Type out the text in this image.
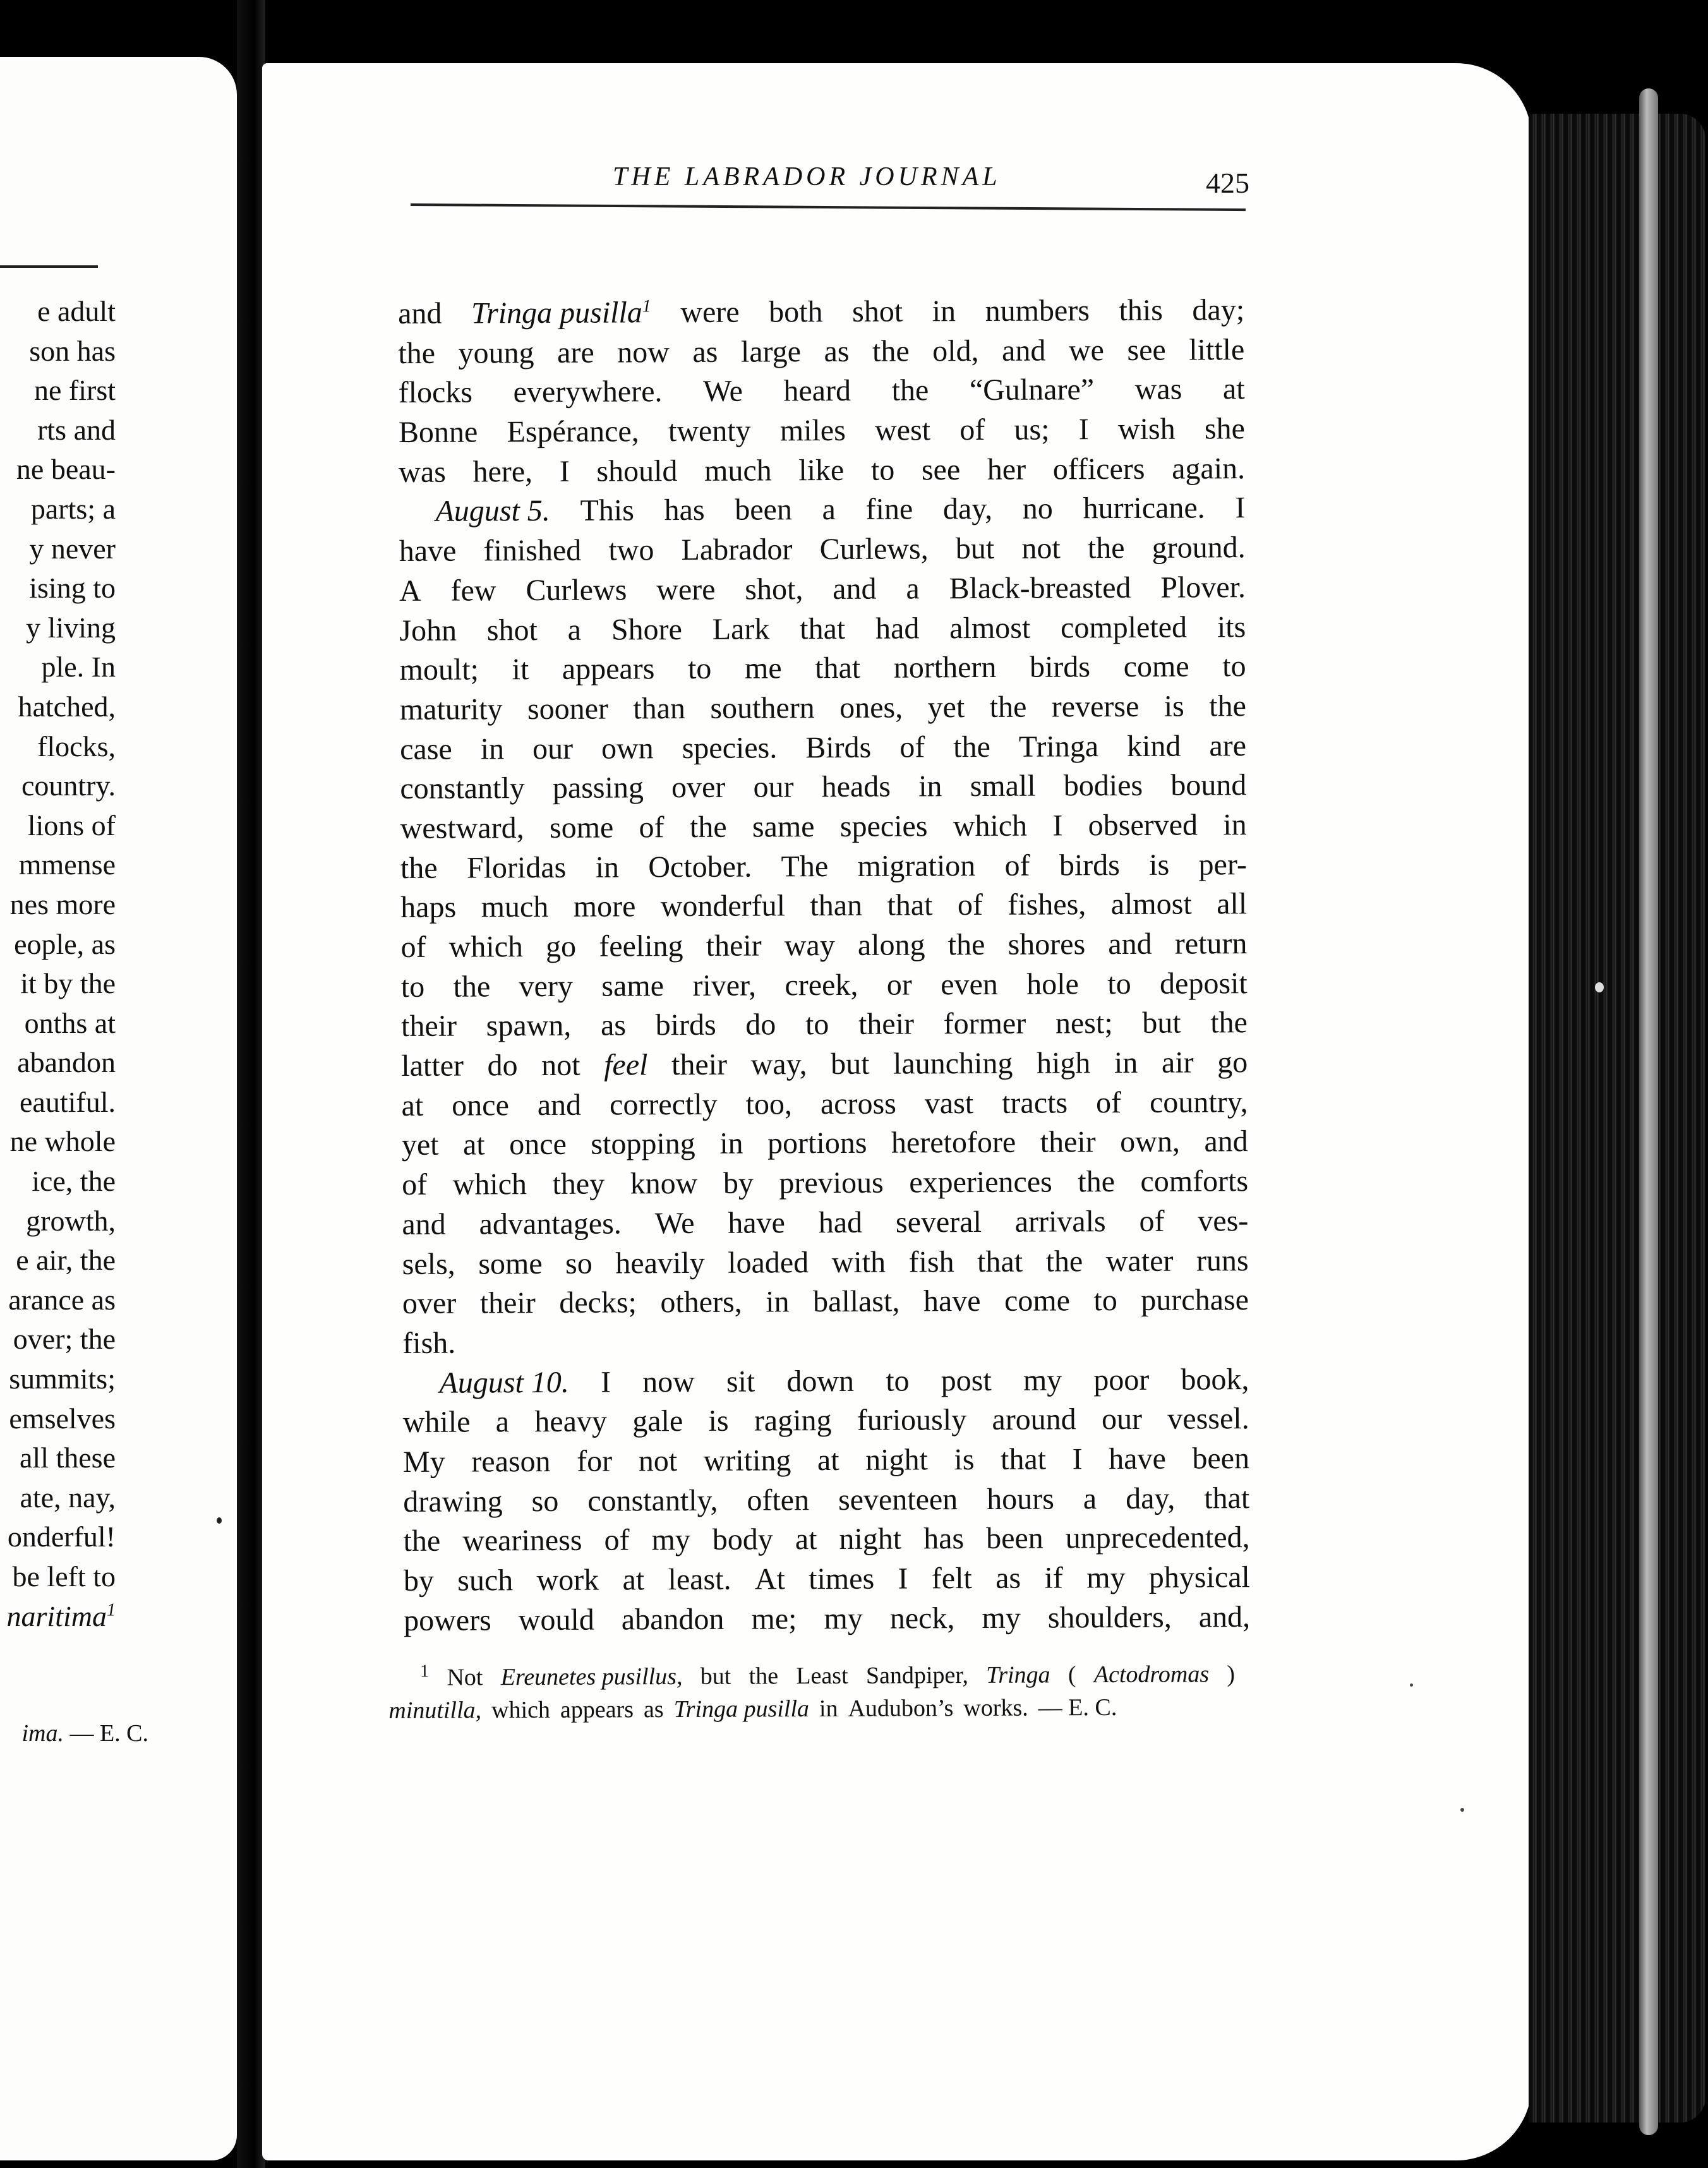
e adult
son has
ne first
rts and
ne beau-
parts; a
y never
ising to
y living
ple. In
hatched,
flocks,
country.
lions of
mmense
nes more
eople, as
it by the
onths at
abandon
eautiful.
ne whole
ice, the
growth,
e air, the
arance as
over; the
summits;
emselves
all these
ate, nay,
onderful!
be left to
naritima$^1$
ima. — E. C.
THE LABRADOR JOURNAL	425
and Tringa pusilla$^1$ were both shot in numbers this day;
the young are now as large as the old, and we see little
flocks everywhere. We heard the “Gulnare” was at
Bonne Espérance, twenty miles west of us; I wish she
was here, I should much like to see her officers again.
August 5. This has been a fine day, no hurricane. I
have finished two Labrador Curlews, but not the ground.
A few Curlews were shot, and a Black-breasted Plover.
John shot a Shore Lark that had almost completed its
moult; it appears to me that northern birds come to
maturity sooner than southern ones, yet the reverse is the
case in our own species. Birds of the Tringa kind are
constantly passing over our heads in small bodies bound
westward, some of the same species which I observed in
the Floridas in October. The migration of birds is per-
haps much more wonderful than that of fishes, almost all
of which go feeling their way along the shores and return
to the very same river, creek, or even hole to deposit
their spawn, as birds do to their former nest; but the
latter do not feel their way, but launching high in air go
at once and correctly too, across vast tracts of country,
yet at once stopping in portions heretofore their own, and
of which they know by previous experiences the comforts
and advantages. We have had several arrivals of ves-
sels, some so heavily loaded with fish that the water runs
over their decks; others, in ballast, have come to purchase
fish.
August 10. I now sit down to post my poor book,
while a heavy gale is raging furiously around our vessel.
My reason for not writing at night is that I have been
drawing so constantly, often seventeen hours a day, that
the weariness of my body at night has been unprecedented,
by such work at least. At times I felt as if my physical
powers would abandon me; my neck, my shoulders, and,
$^1$ Not Ereunetes pusillus, but the Least Sandpiper, Tringa ( Actodromas )
minutilla, which appears as Tringa pusilla in Audubon’s works. — E. C.
